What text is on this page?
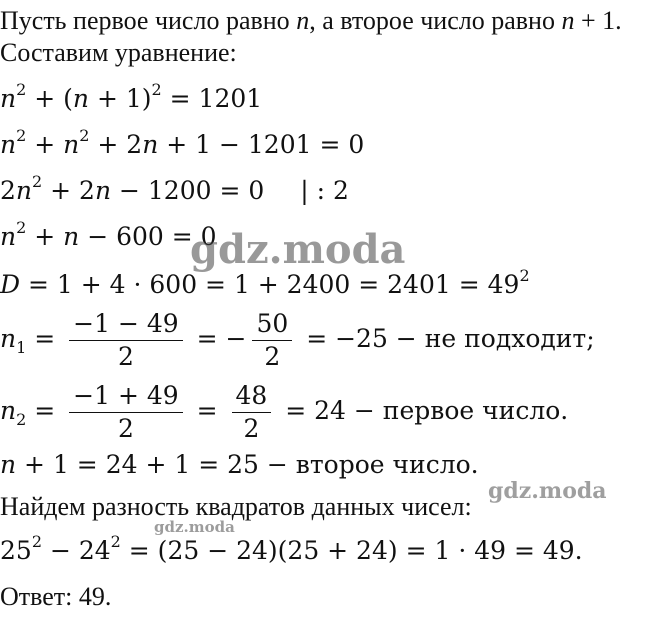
Пусть первое число равно n, а второе число равно n + 1.
Составим уравнение:
$n^2 + (n + 1)^2 = 1201$
$n^2 + n^2 + 2n + 1 - 1201 = 0$
$2n^2 + 2n - 1200 = 0$ | : 2
$n^2 + n - 600 = 0$
$D = 1 + 4 \cdot 600 = 1 + 2400 = 2401 = 49^2$
$n_1 = \frac{-1 - 49}{2}$ = − $\frac{50}{2} = -25$ − не подходит;
$n_2 = \frac{-1 + 49}{2} = \frac{48}{2} = 24$ − первое число.
n + 1 = 24 + 1 = 25 − второе число.
Найдем разность квадратов данных чисел:
$25^2 - 24^2 = (25 - 24)(25 + 24) = 1 \cdot 49 = 49$.
Ответ: 49.
gdz.moda
gdz.moda
gdz.moda
